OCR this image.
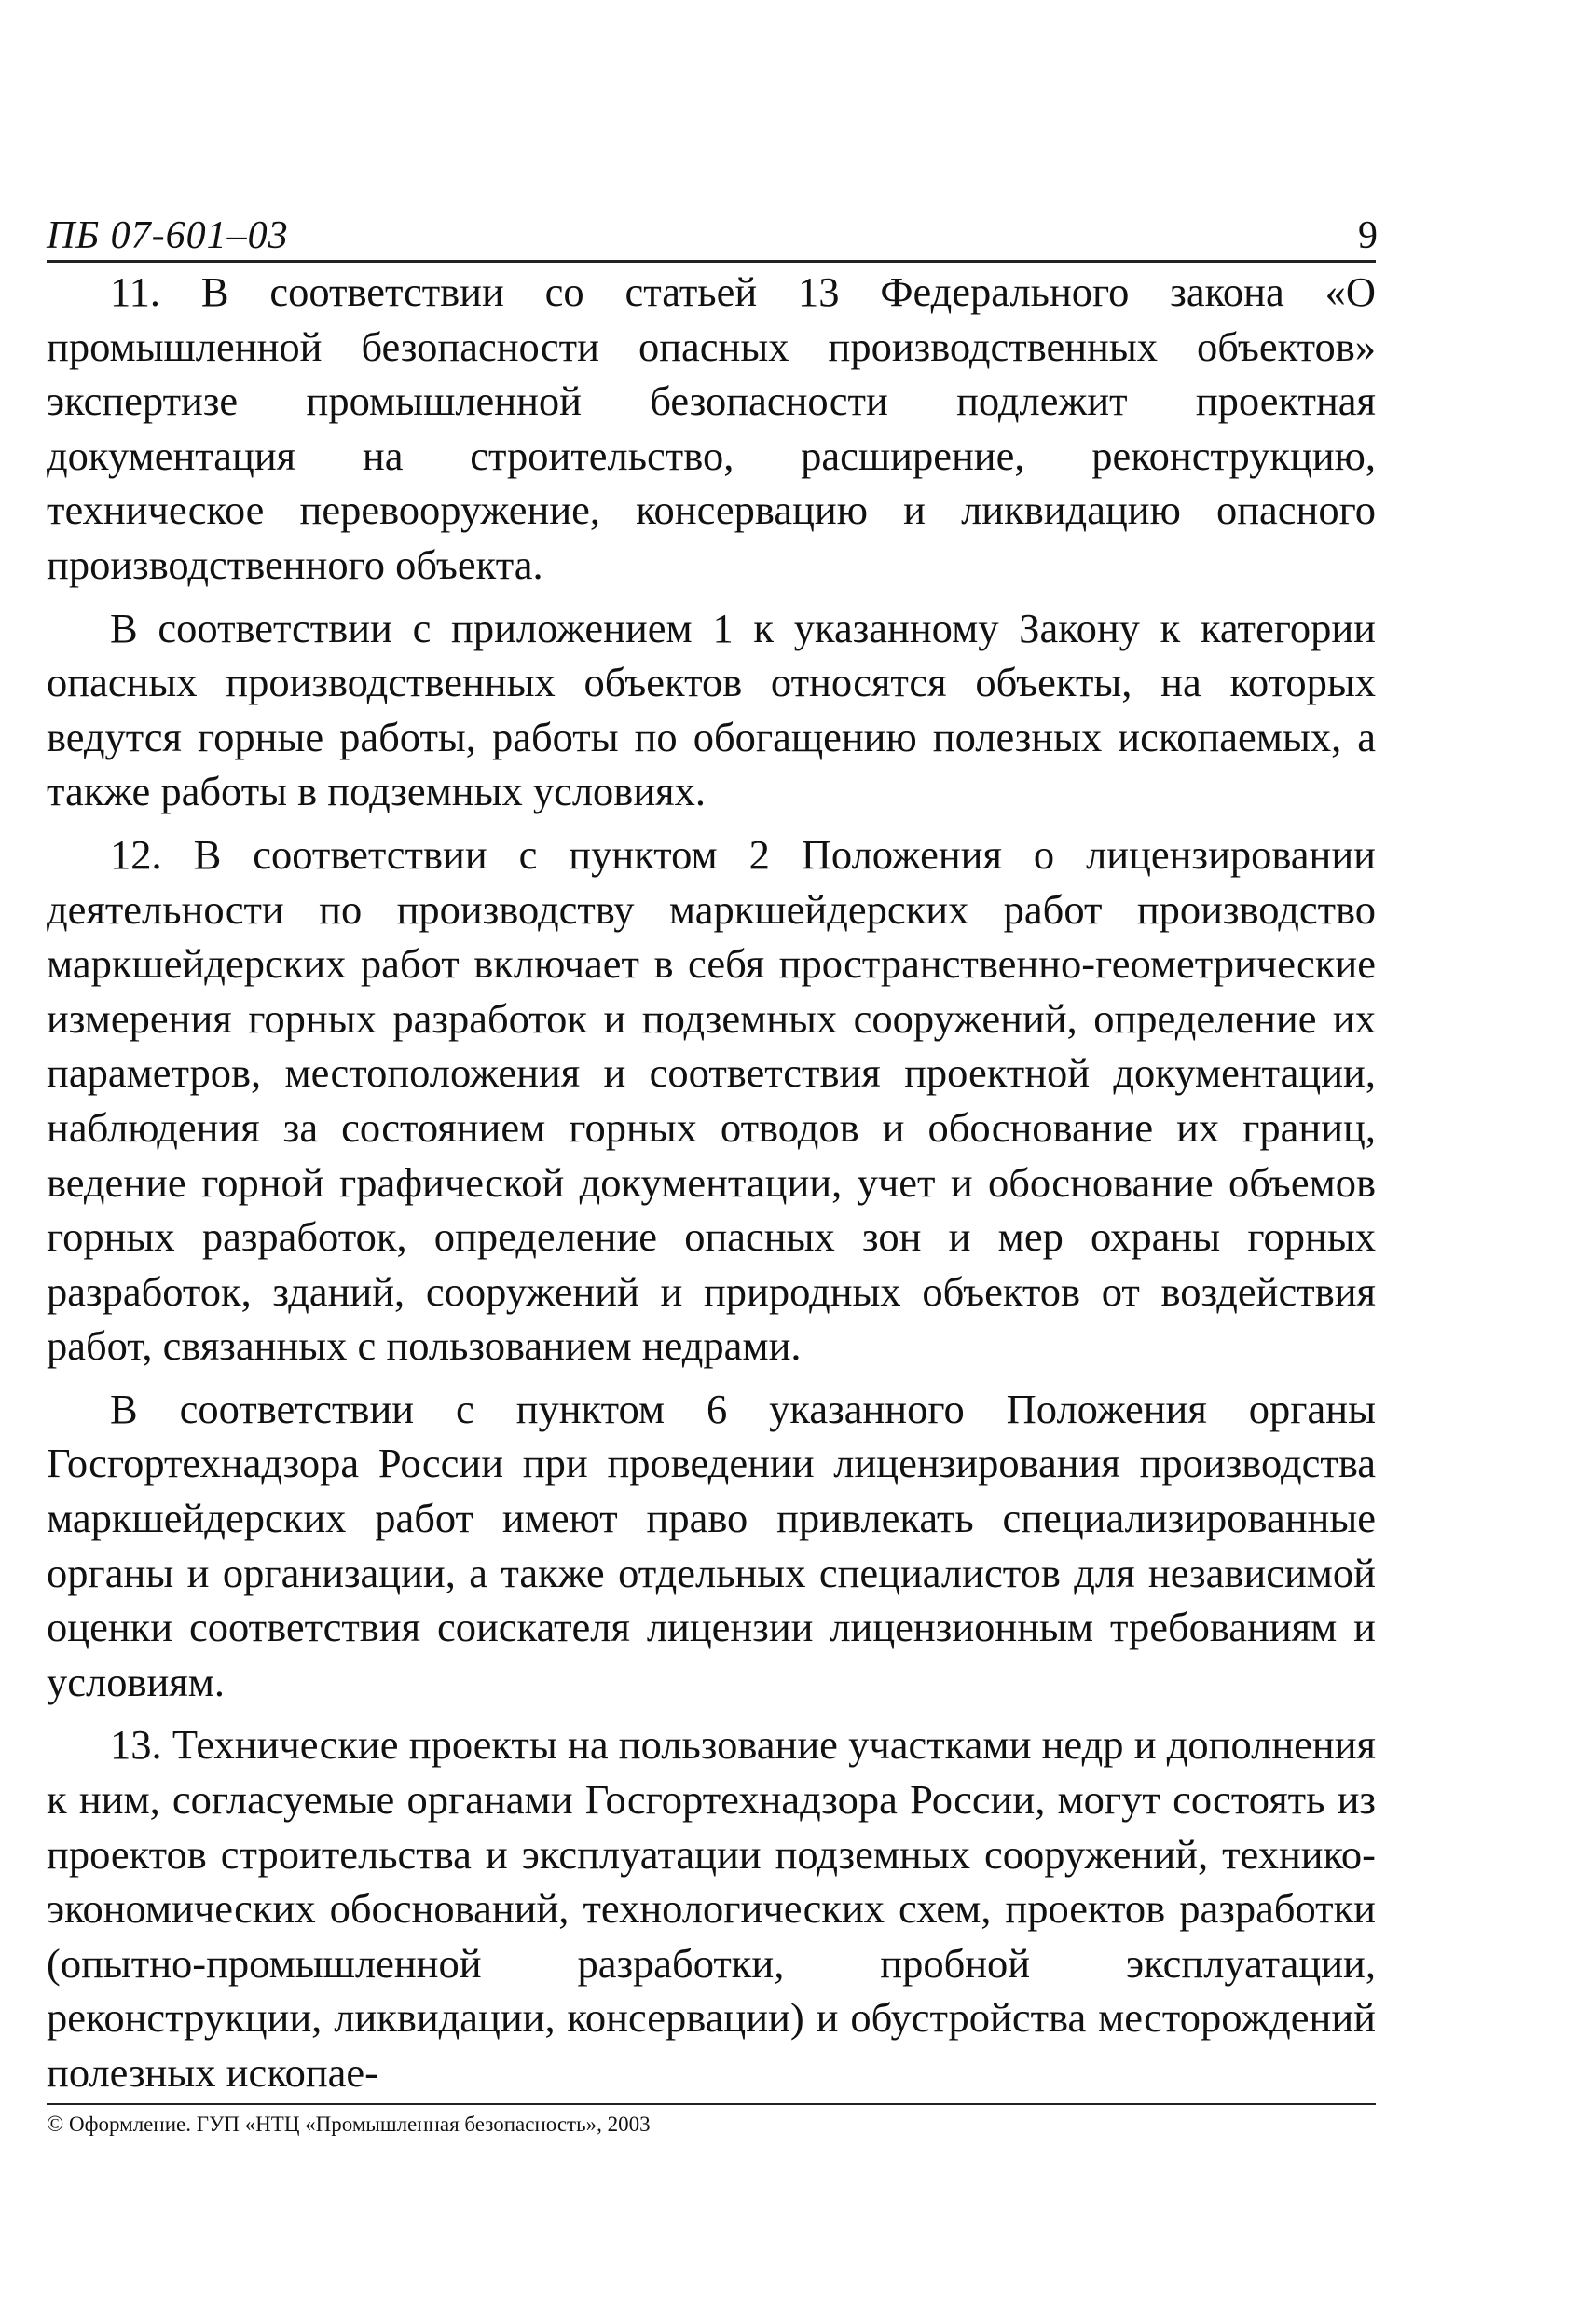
ПБ 07-601–03	9

11. В соответствии со статьей 13 Федерального закона «О промышленной безопасности опасных производственных объектов» экспертизе промышленной безопасности подлежит проектная документация на строительство, расширение, реконструкцию, техническое перевооружение, консервацию и ликвидацию опасного производственного объекта.

В соответствии с приложением 1 к указанному Закону к категории опасных производственных объектов относятся объекты, на которых ведутся горные работы, работы по обогащению полезных ископаемых, а также работы в подземных условиях.

12. В соответствии с пунктом 2 Положения о лицензировании деятельности по производству маркшейдерских работ производство маркшейдерских работ включает в себя пространственно-геометрические измерения горных разработок и подземных сооружений, определение их параметров, местоположения и соответствия проектной документации, наблюдения за состоянием горных отводов и обоснование их границ, ведение горной графической документации, учет и обоснование объемов горных разработок, определение опасных зон и мер охраны горных разработок, зданий, сооружений и природных объектов от воздействия работ, связанных с пользованием недрами.

В соответствии с пунктом 6 указанного Положения органы Госгортехнадзора России при проведении лицензирования производства маркшейдерских работ имеют право привлекать специализированные органы и организации, а также отдельных специалистов для независимой оценки соответствия соискателя лицензии лицензионным требованиям и условиям.

13. Технические проекты на пользование участками недр и дополнения к ним, согласуемые органами Госгортехнадзора России, могут состоять из проектов строительства и эксплуатации подземных сооружений, технико-экономических обоснований, технологических схем, проектов разработки (опытно-промышленной разработки, пробной эксплуатации, реконструкции, ликвидации, консервации) и обустройства месторождений полезных ископае-

© Оформление. ГУП «НТЦ «Промышленная безопасность», 2003
